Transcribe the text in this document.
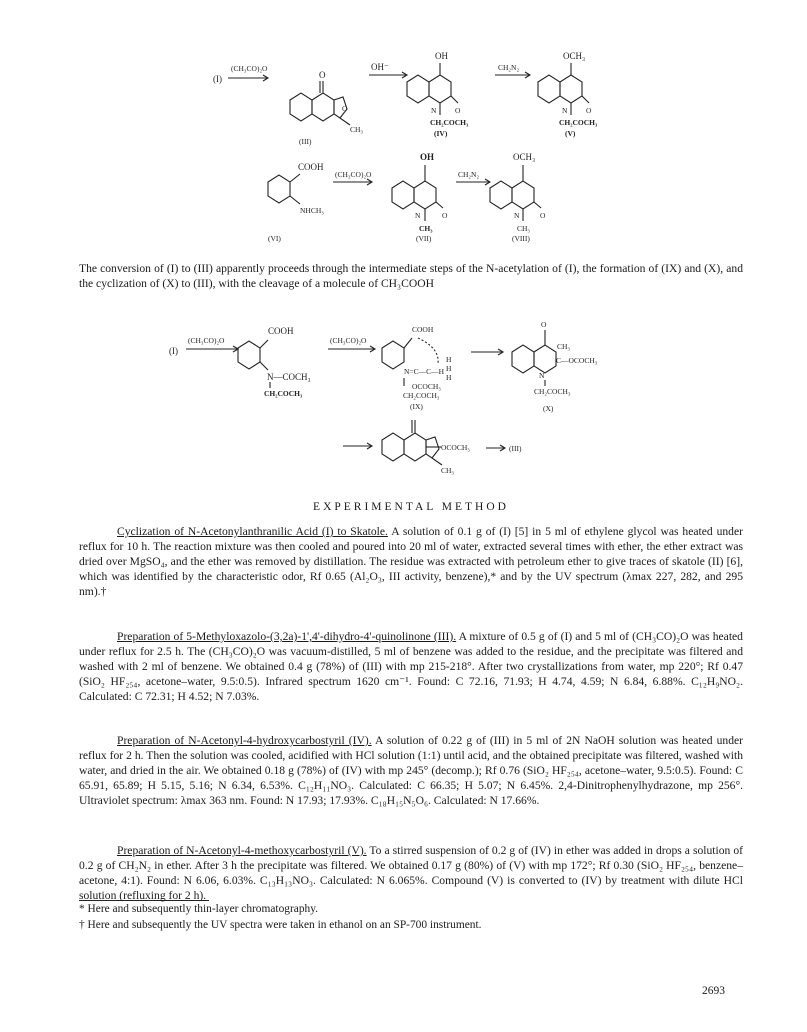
(I)
(CH₃CO)₂O
O
O
CH₃
(III)
OH⁻
OH
N O
CH₂COCH₃
(IV)
CH₂N₂
OCH₃
N O
CH₂COCH₃
(V)
COOH
NHCH₃
(VI)
(CH₃CO)₂O
OH
N	O
CH₃
(VII)
CH₂N₂
OCH₃
N	O
CH₃
(VIII)
The conversion of (I) to (III) apparently proceeds through the intermediate steps of the N-acetylation of (I), the formation of (IX) and (X), and the cyclization of (X) to (III), with the cleavage of a molecule of CH₃COOH
(I)
(CH₃CO)₂O
COOH
N—COCH₃
CH₂COCH₃
(CH₃CO)₂O
COOH
H
H
H
N=C—C—H
OCOCH₃
CH₂COCH₃
(IX)
O
CH₃
C—OCOCH₃
N
CH₂COCH₃
(X)
OCOCH₃
CH₃
(III)
EXPERIMENTAL METHOD
Cyclization of N-Acetonylanthranilic Acid (I) to Skatole. A solution of 0.1 g of (I) [5] in 5 ml of ethylene glycol was heated under reflux for 10 h. The reaction mixture was then cooled and poured into 20 ml of water, extracted several times with ether, the ether extract was dried over MgSO₄, and the ether was removed by distillation. The residue was extracted with petroleum ether to give traces of skatole (II) [6], which was identified by the characteristic odor, Rf 0.65 (Al₂O₃, III activity, benzene),* and by the UV spectrum (λmax 227, 282, and 295 nm).†
Preparation of 5-Methyloxazolo-(3,2a)-1',4'-dihydro-4'-quinolinone (III). A mixture of 0.5 g of (I) and 5 ml of (CH₃CO)₂O was heated under reflux for 2.5 h. The (CH₃CO)₂O was vacuum-distilled, 5 ml of benzene was added to the residue, and the precipitate was filtered and washed with 2 ml of benzene. We obtained 0.4 g (78%) of (III) with mp 215-218°. After two crystallizations from water, mp 220°; Rf 0.47 (SiO₂ HF₂₅₄, acetone–water, 9.5:0.5). Infrared spectrum 1620 cm⁻¹. Found: C 72.16, 71.93; H 4.74, 4.59; N 6.84, 6.88%. C₁₂H₉NO₂. Calculated: C 72.31; H 4.52; N 7.03%.
Preparation of N-Acetonyl-4-hydroxycarbostyril (IV). A solution of 0.22 g of (III) in 5 ml of 2N NaOH solution was heated under reflux for 2 h. Then the solution was cooled, acidified with HCl solution (1:1) until acid, and the obtained precipitate was filtered, washed with water, and dried in the air. We obtained 0.18 g (78%) of (IV) with mp 245° (decomp.); Rf 0.76 (SiO₂ HF₂₅₄, acetone–water, 9.5:0.5). Found: C 65.91, 65.89; H 5.15, 5.16; N 6.34, 6.53%. C₁₂H₁₁NO₃. Calculated: C 66.35; H 5.07; N 6.45%. 2,4-Dinitrophenylhydrazone, mp 256°. Ultraviolet spectrum: λmax 363 nm. Found: N 17.93; 17.93%. C₁₈H₁₅N₅O₆. Calculated: N 17.66%.
Preparation of N-Acetonyl-4-methoxycarbostyril (V). To a stirred suspension of 0.2 g of (IV) in ether was added in drops a solution of 0.2 g of CH₂N₂ in ether. After 3 h the precipitate was filtered. We obtained 0.17 g (80%) of (V) with mp 172°; Rf 0.30 (SiO₂ HF₂₅₄, benzene–acetone, 4:1). Found: N 6.06, 6.03%. C₁₃H₁₃NO₃. Calculated: N 6.065%. Compound (V) is converted to (IV) by treatment with dilute HCl solution (refluxing for 2 h).
* Here and subsequently thin-layer chromatography.
† Here and subsequently the UV spectra were taken in ethanol on an SP-700 instrument.
2693
